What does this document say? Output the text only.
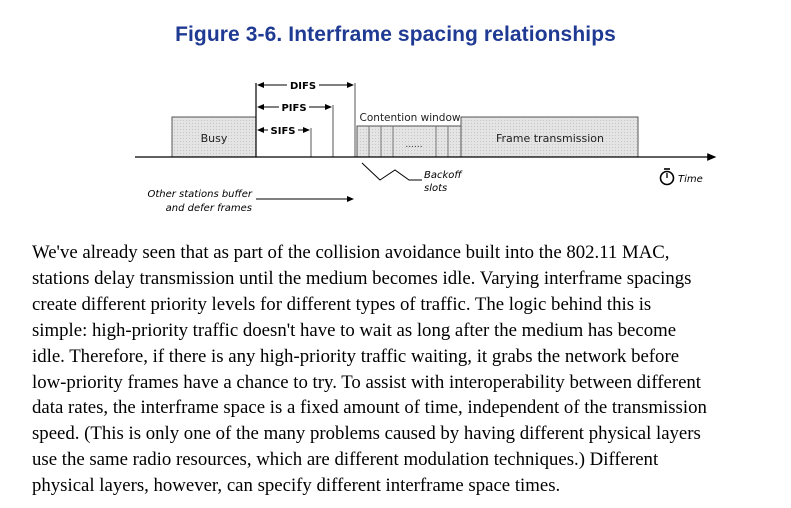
Figure 3-6. Interframe spacing relationships
Busy
DIFS
PIFS
SIFS
......
Contention window
Frame transmission
Time
Backoff
slots
Other stations buffer
and defer frames
We've already seen that as part of the collision avoidance built into the 802.11 MAC,
stations delay transmission until the medium becomes idle. Varying interframe spacings
create different priority levels for different types of traffic. The logic behind this is
simple: high-priority traffic doesn't have to wait as long after the medium has become
idle. Therefore, if there is any high-priority traffic waiting, it grabs the network before
low-priority frames have a chance to try. To assist with interoperability between different
data rates, the interframe space is a fixed amount of time, independent of the transmission
speed. (This is only one of the many problems caused by having different physical layers
use the same radio resources, which are different modulation techniques.) Different
physical layers, however, can specify different interframe space times.
